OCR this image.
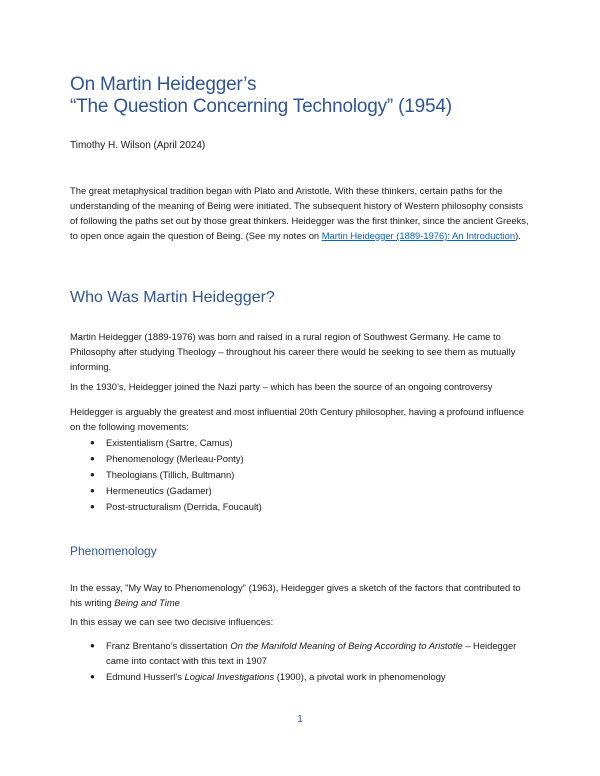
On Martin Heidegger’s
“The Question Concerning Technology” (1954)
Timothy H. Wilson (April 2024)

The great metaphysical tradition began with Plato and Aristotle. With these thinkers, certain paths for the understanding of the meaning of Being were initiated. The subsequent history of Western philosophy consists of following the paths set out by those great thinkers. Heidegger was the first thinker, since the ancient Greeks, to open once again the question of Being. (See my notes on Martin Heidegger (1889-1976): An Introduction).

Who Was Martin Heidegger?

Martin Heidegger (1889-1976) was born and raised in a rural region of Southwest Germany. He came to Philosophy after studying Theology – throughout his career there would be seeking to see them as mutually informing.

In the 1930’s, Heidegger joined the Nazi party – which has been the source of an ongoing controversy

Heidegger is arguably the greatest and most influential 20th Century philosopher, having a profound influence on the following movements:

● Existentialism (Sartre, Camus)
● Phenomenology (Merleau-Ponty)
● Theologians (Tillich, Bultmann)
● Hermeneutics (Gadamer)
● Post-structuralism (Derrida, Foucault)
Phenomenology

In the essay, "My Way to Phenomenology" (1963), Heidegger gives a sketch of the factors that contributed to his writing Being and Time

In this essay we can see two decisive influences:

● Franz Brentano’s dissertation On the Manifold Meaning of Being According to Aristotle – Heidegger came into contact with this text in 1907
● Edmund Husserl’s Logical Investigations (1900), a pivotal work in phenomenology
1
